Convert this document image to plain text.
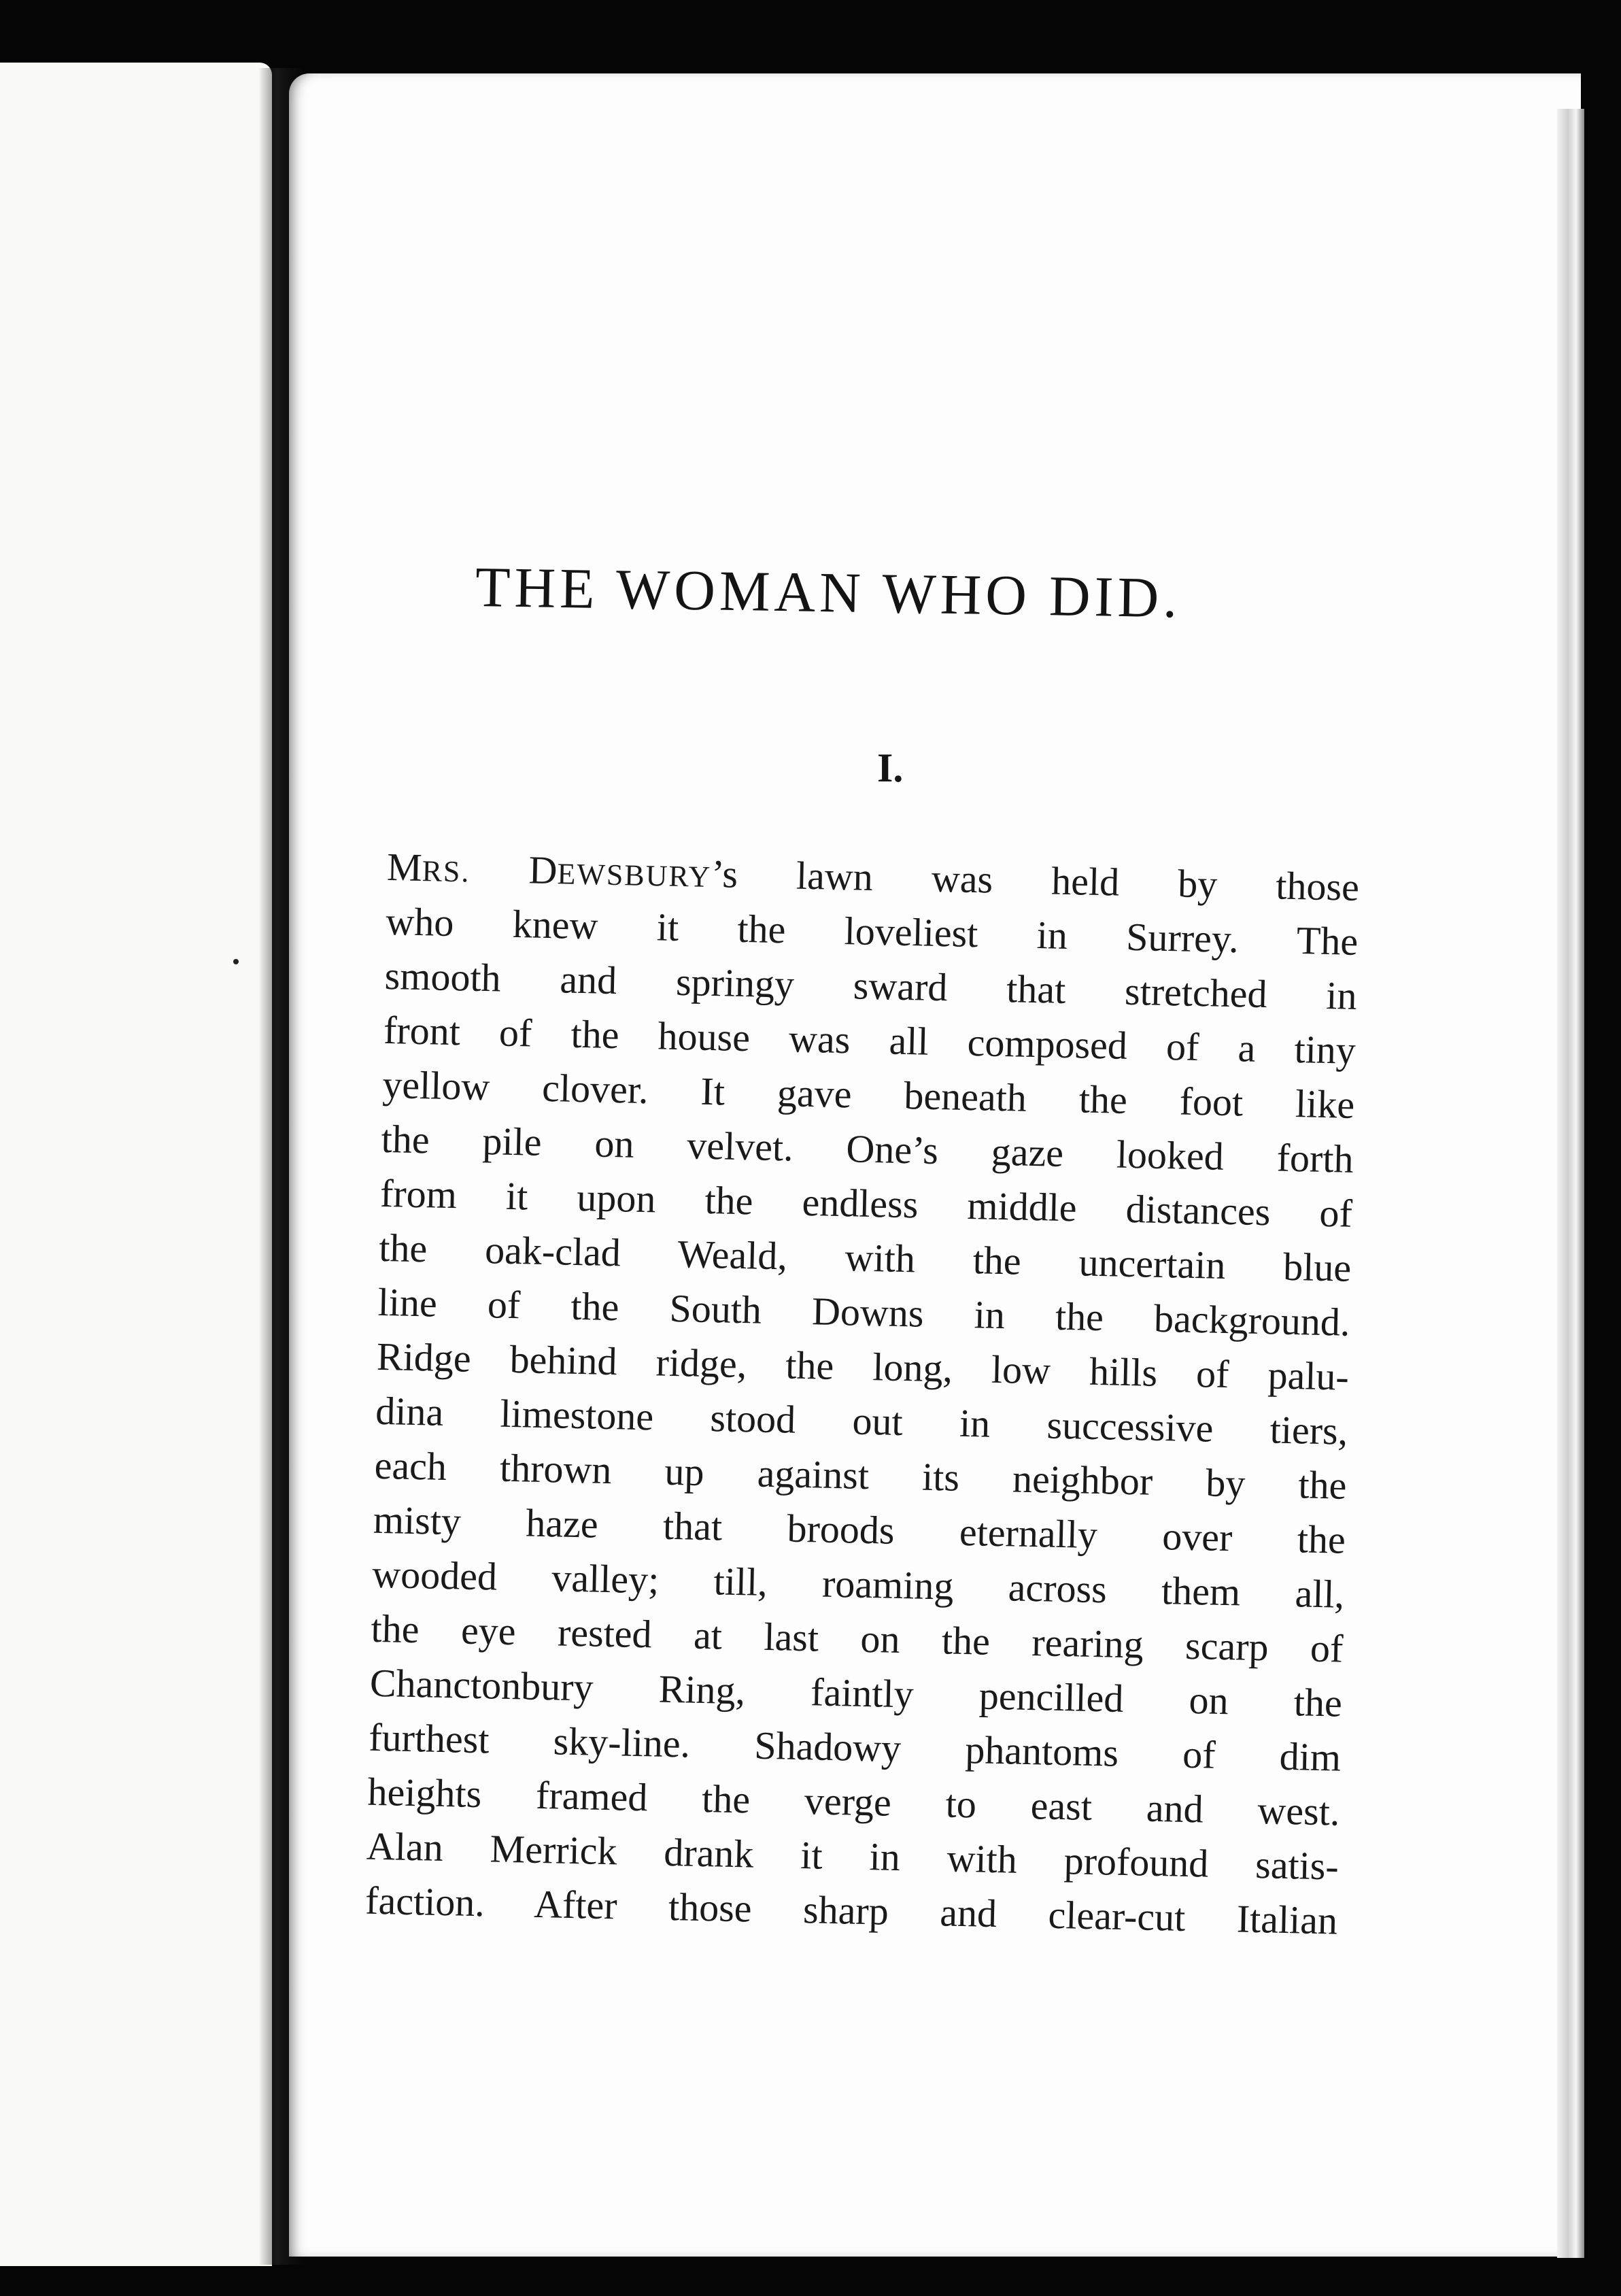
THE WOMAN WHO DID.
I.
MRS. DEWSBURY’s lawn was held by those
who knew it the loveliest in Surrey. The
smooth and springy sward that stretched in
front of the house was all composed of a tiny
yellow clover. It gave beneath the foot like
the pile on velvet. One’s gaze looked forth
from it upon the endless middle distances of
the oak-clad Weald, with the uncertain blue
line of the South Downs in the background.
Ridge behind ridge, the long, low hills of palu-
dina limestone stood out in successive tiers,
each thrown up against its neighbor by the
misty haze that broods eternally over the
wooded valley; till, roaming across them all,
the eye rested at last on the rearing scarp of
Chanctonbury Ring, faintly pencilled on the
furthest sky-line. Shadowy phantoms of dim
heights framed the verge to east and west.
Alan Merrick drank it in with profound satis-
faction. After those sharp and clear-cut Italian
